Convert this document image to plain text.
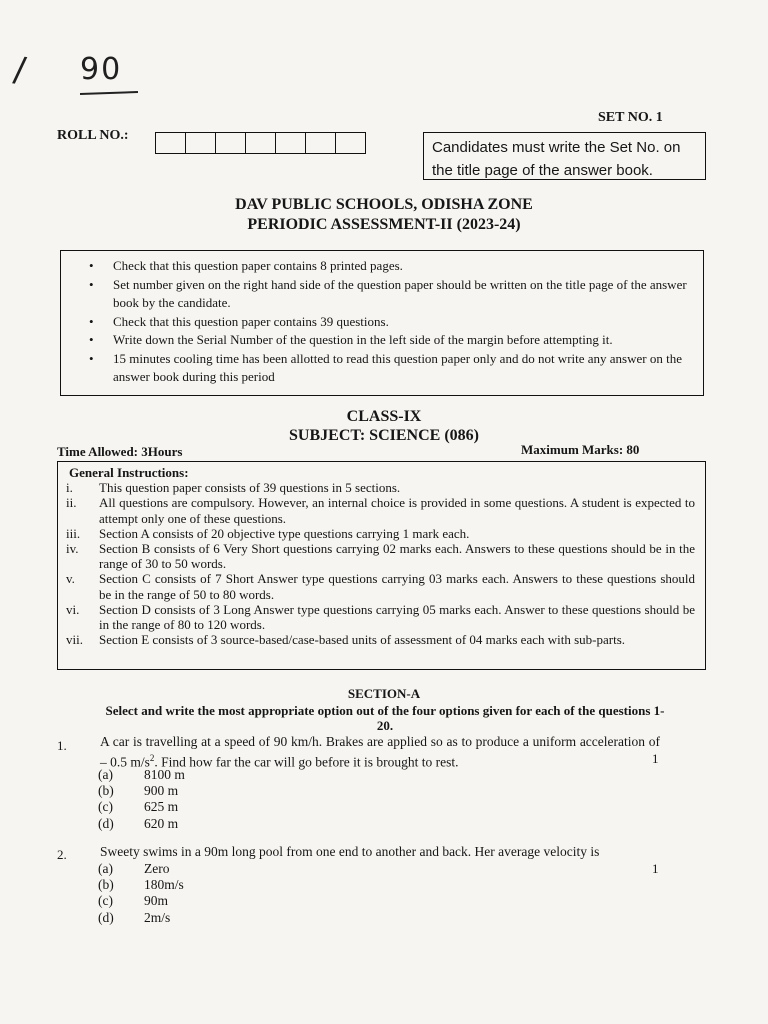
/ 90
SET NO. 1
ROLL NO.:
Candidates must write the Set No. on
the title page of the answer book.
DAV PUBLIC SCHOOLS, ODISHA ZONE
PERIODIC ASSESSMENT-II (2023-24)
• Check that this question paper contains 8 printed pages.
• Set number given on the right hand side of the question paper should be written on the title page of the answer book by the candidate.
• Check that this question paper contains 39 questions.
• Write down the Serial Number of the question in the left side of the margin before attempting it.
• 15 minutes cooling time has been allotted to read this question paper only and do not write any answer on the answer book during this period
CLASS-IX
SUBJECT: SCIENCE (086)
Time Allowed: 3Hours	Maximum Marks: 80
General Instructions:
i.	This question paper consists of 39 questions in 5 sections.
ii.	All questions are compulsory. However, an internal choice is provided in some questions. A student is expected to attempt only one of these questions.
iii.	Section A consists of 20 objective type questions carrying 1 mark each.
iv.	Section B consists of 6 Very Short questions carrying 02 marks each. Answers to these questions should be in the range of 30 to 50 words.
v.	Section C consists of 7 Short Answer type questions carrying 03 marks each. Answers to these questions should be in the range of 50 to 80 words.
vi.	Section D consists of 3 Long Answer type questions carrying 05 marks each. Answer to these questions should be in the range of 80 to 120 words.
vii.	Section E consists of 3 source-based/case-based units of assessment of 04 marks each with sub-parts.
SECTION-A
Select and write the most appropriate option out of the four options given for each of the questions 1-20.
1. A car is travelling at a speed of 90 km/h. Brakes are applied so as to produce a uniform acceleration of – 0.5 $m/s^2$. Find how far the car will go before it is brought to rest.	1
(a)	8100 m
(b)	900 m
(c)	625 m
(d)	620 m
2. Sweety swims in a 90m long pool from one end to another and back. Her average velocity is
1
(a)	Zero
(b)	180m/s
(c)	90m
(d)	2m/s
